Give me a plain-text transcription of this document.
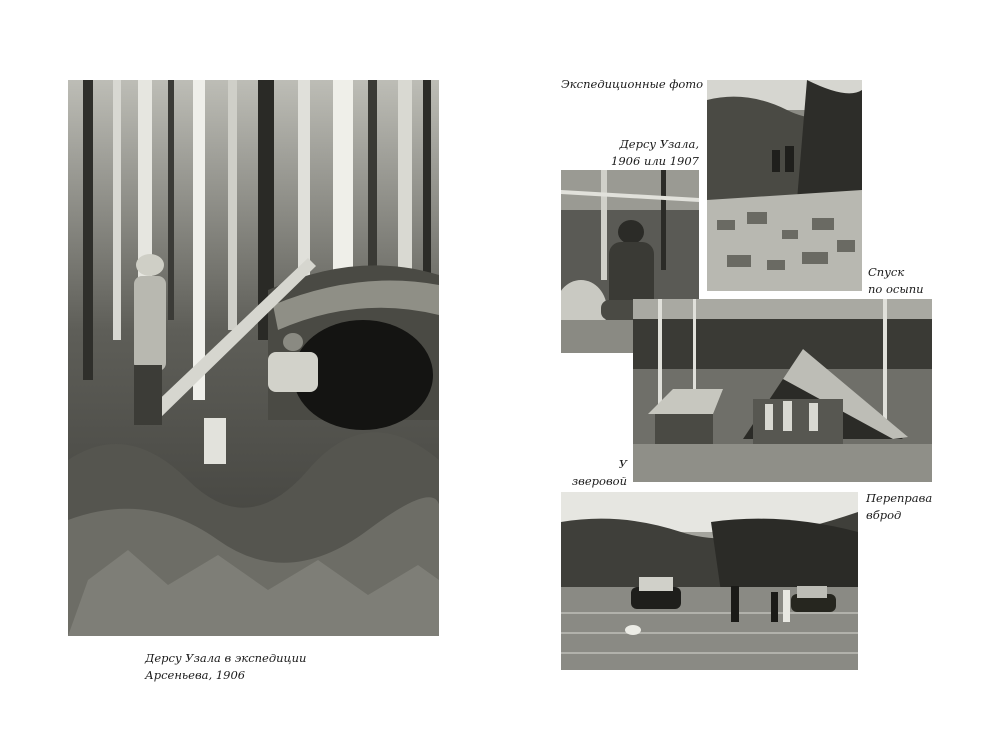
Дерсу Узала в экспедиции Арсеньева, 1906
Экспедиционные фото
Дерсу Узала,
1906 или 1907
Спуск
по осыпи
У зверовой
Переправа
вброд
